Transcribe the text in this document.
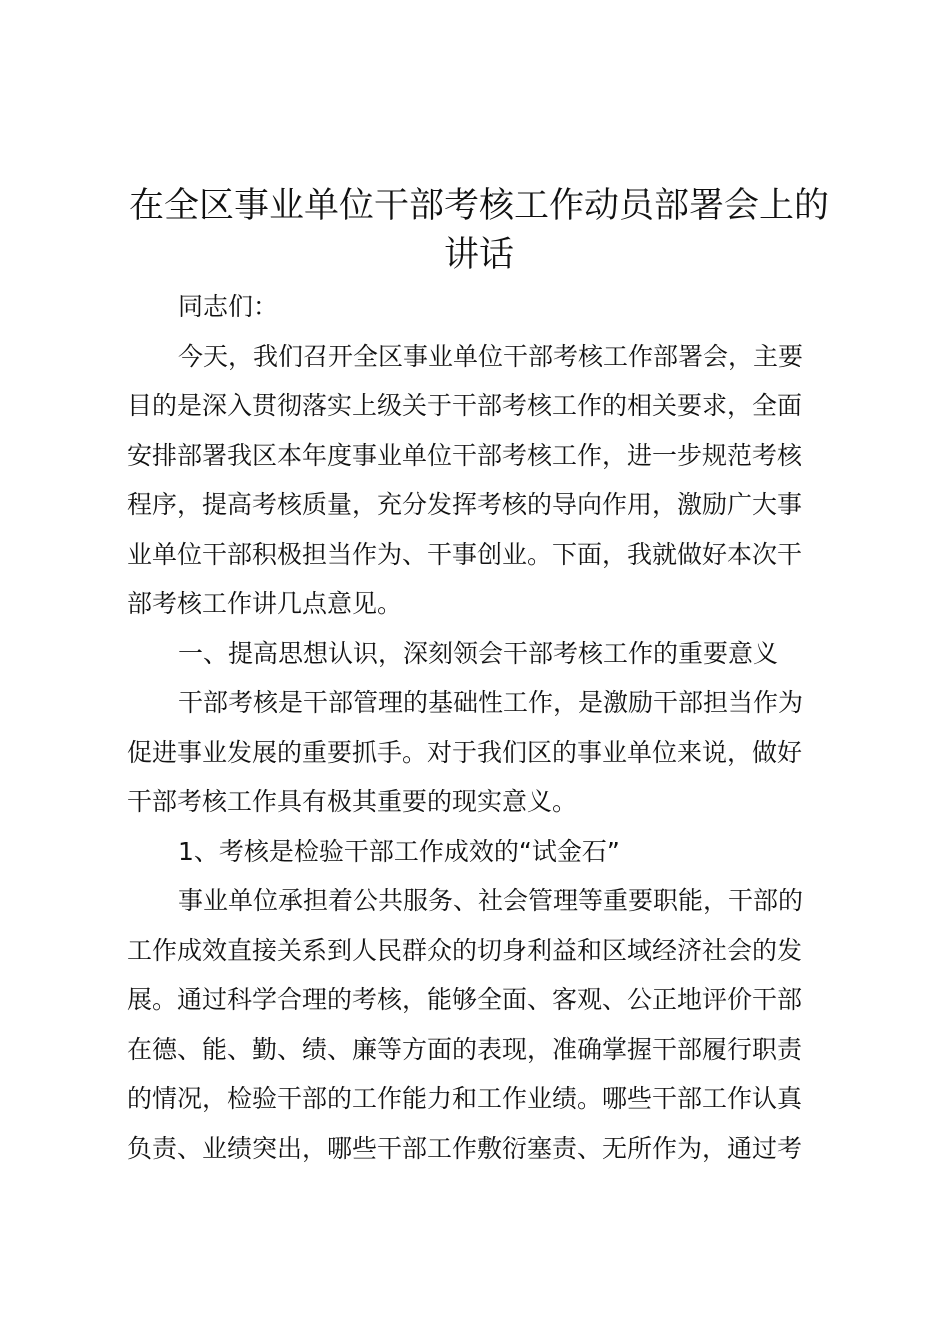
在全区事业单位干部考核工作动员部署会上的
讲话

同志们：

今天，我们召开全区事业单位干部考核工作部署会，主要
目的是深入贯彻落实上级关于干部考核工作的相关要求，全面
安排部署我区本年度事业单位干部考核工作，进一步规范考核
程序，提高考核质量，充分发挥考核的导向作用，激励广大事
业单位干部积极担当作为、干事创业。下面，我就做好本次干
部考核工作讲几点意见。

一、提高思想认识，深刻领会干部考核工作的重要意义

干部考核是干部管理的基础性工作，是激励干部担当作为
促进事业发展的重要抓手。对于我们区的事业单位来说，做好
干部考核工作具有极其重要的现实意义。

1、考核是检验干部工作成效的“试金石”

事业单位承担着公共服务、社会管理等重要职能，干部的
工作成效直接关系到人民群众的切身利益和区域经济社会的发
展。通过科学合理的考核，能够全面、客观、公正地评价干部
在德、能、勤、绩、廉等方面的表现，准确掌握干部履行职责
的情况，检验干部的工作能力和工作业绩。哪些干部工作认真
负责、业绩突出，哪些干部工作敷衍塞责、无所作为，通过考
